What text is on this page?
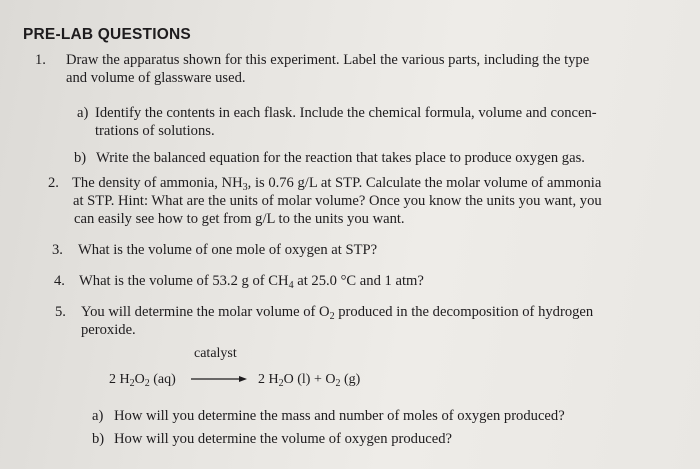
PRE-LAB QUESTIONS
1. Draw the apparatus shown for this experiment. Label the various parts, including the type
and volume of glassware used.
a) Identify the contents in each flask. Include the chemical formula, volume and concen-
trations of solutions.
b) Write the balanced equation for the reaction that takes place to produce oxygen gas.
2. The density of ammonia, $NH_3$, is 0.76 g/L at STP. Calculate the molar volume of ammonia
at STP. Hint: What are the units of molar volume? Once you know the units you want, you
can easily see how to get from g/L to the units you want.
3. What is the volume of one mole of oxygen at STP?
4. What is the volume of 53.2 g of $CH_4$ at 25.0 °C and 1 atm?
5. You will determine the molar volume of $O_2$ produced in the decomposition of hydrogen
peroxide.
catalyst
2 $H_2O_2$ (aq) → 2 $H_2O$ $(l) + O_2$ (g)
a) How will you determine the mass and number of moles of oxygen produced?
b) How will you determine the volume of oxygen produced?
